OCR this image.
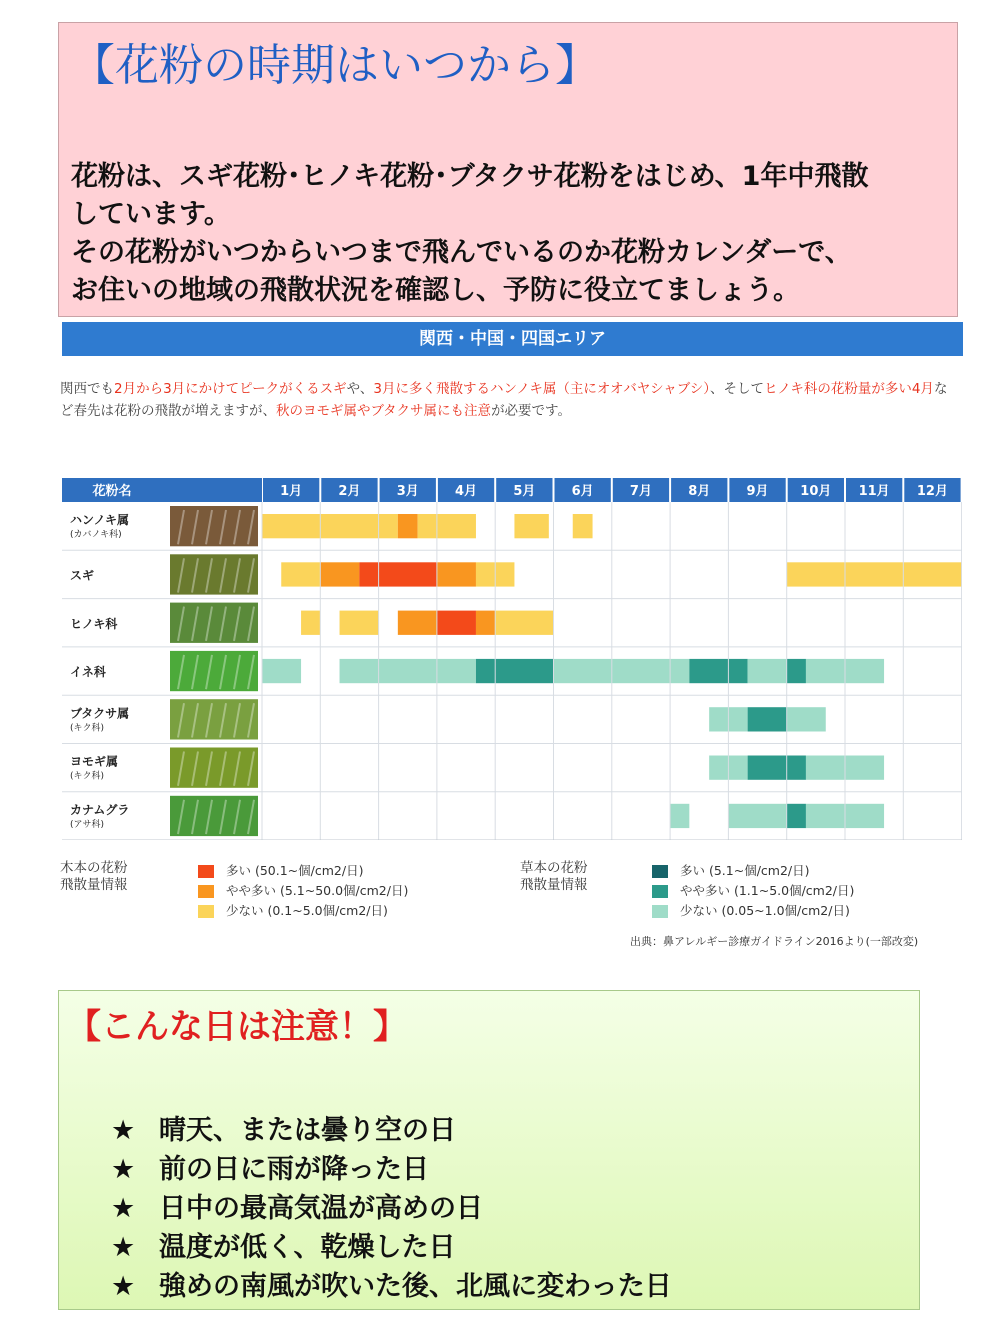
【花粉の時期はいつから】

花粉は、スギ花粉･ヒノキ花粉･ブタクサ花粉をはじめ、1年中飛散

しています。

その花粉がいつからいつまで飛んでいるのか花粉カレンダーで、

お住いの地域の飛散状況を確認し、予防に役立てましょう。

関西・中国・四国エリア
関西でも2月から3月にかけてピークがくるスギや、3月に多く飛散するハンノキ属（主にオオバヤシャブシ）、そしてヒノキ科の花粉量が多い4月など春先は花粉の飛散が増えますが、秋のヨモギ属やブタクサ属にも注意が必要です。
花粉名	1月	2月	3月	4月	5月	6月	7月	8月	9月 10月 11月 12月
ハンノキ属
(カバノキ科)
スギ
ヒノキ科
イネ科
ブタクサ属
(キク科)
ヨモギ属
(キク科)
カナムグラ
(アサ科)
木本の花粉
飛散量情報
多い (50.1~個/cm2/日)
やや多い (5.1~50.0個/cm2/日)
少ない (0.1~5.0個/cm2/日)
草本の花粉
飛散量情報
多い (5.1~個/cm2/日)
やや多い (1.1~5.0個/cm2/日)
少ない (0.05~1.0個/cm2/日)
出典：鼻アレルギー診療ガイドライン2016より(一部改変)
【こんな日は注意！】
★ 晴天、または曇り空の日
★ 前の日に雨が降った日
★ 日中の最高気温が高めの日
★ 温度が低く、乾燥した日
★ 強めの南風が吹いた後、北風に変わった日
